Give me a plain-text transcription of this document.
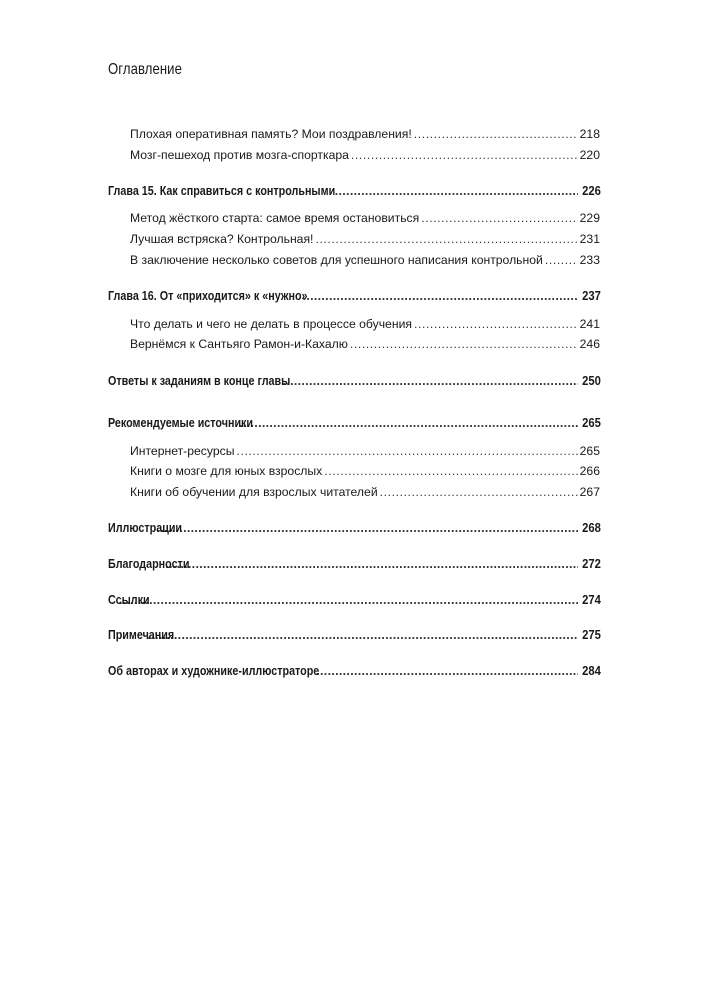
Оглавление
Плохая оперативная память? Мои поздравления! .....	218
Мозг-пешеход против мозга-спорткара .....	220
Глава 15. Как справиться с контрольными .....	226
Метод жёсткого старта: самое время остановиться .....	229
Лучшая встряска? Контрольная! .....	231
В заключение несколько советов для успешного написания контрольной .....	233
Глава 16. От «приходится» к «нужно» .....	237
Что делать и чего не делать в процессе обучения .....	241
Вернёмся к Сантьяго Рамон-и-Кахалю .....	246
Ответы к заданиям в конце главы .....	250
Рекомендуемые источники .....	265
Интернет-ресурсы .....	265
Книги о мозге для юных взрослых .....	266
Книги об обучении для взрослых читателей .....	267
Иллюстрации .....	268
Благодарности .....	272
Ссылки .....	274
Примечания .....	275
Об авторах и художнике-иллюстраторе .....	284
